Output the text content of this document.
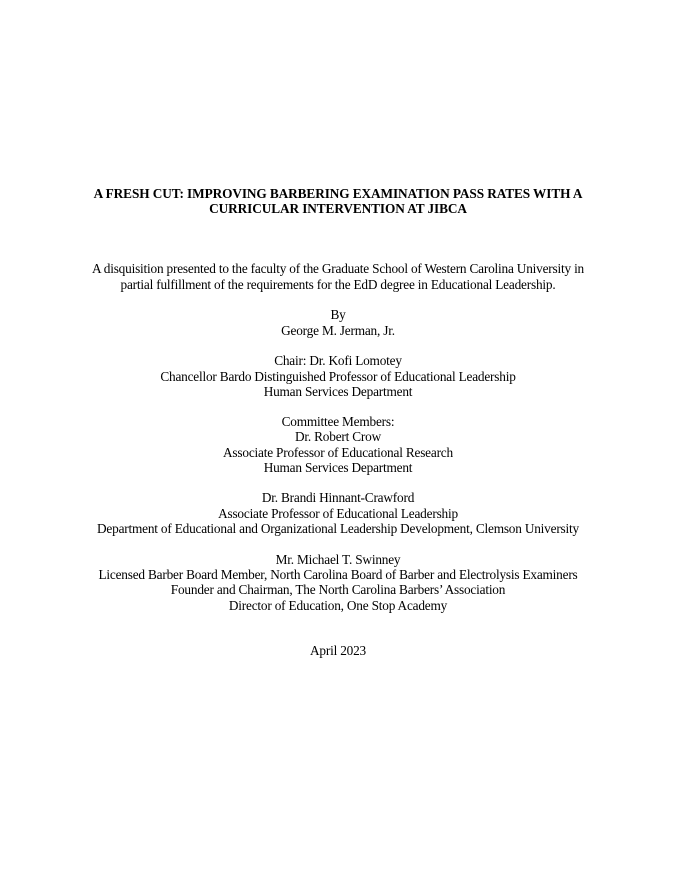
A FRESH CUT: IMPROVING BARBERING EXAMINATION PASS RATES WITH A
CURRICULAR INTERVENTION AT JIBCA
A disquisition presented to the faculty of the Graduate School of Western Carolina University in
partial fulfillment of the requirements for the EdD degree in Educational Leadership.
By
George M. Jerman, Jr.
Chair: Dr. Kofi Lomotey
Chancellor Bardo Distinguished Professor of Educational Leadership
Human Services Department
Committee Members:
Dr. Robert Crow
Associate Professor of Educational Research
Human Services Department
Dr. Brandi Hinnant-Crawford
Associate Professor of Educational Leadership
Department of Educational and Organizational Leadership Development, Clemson University
Mr. Michael T. Swinney
Licensed Barber Board Member, North Carolina Board of Barber and Electrolysis Examiners
Founder and Chairman, The North Carolina Barbers’ Association
Director of Education, One Stop Academy
April 2023
